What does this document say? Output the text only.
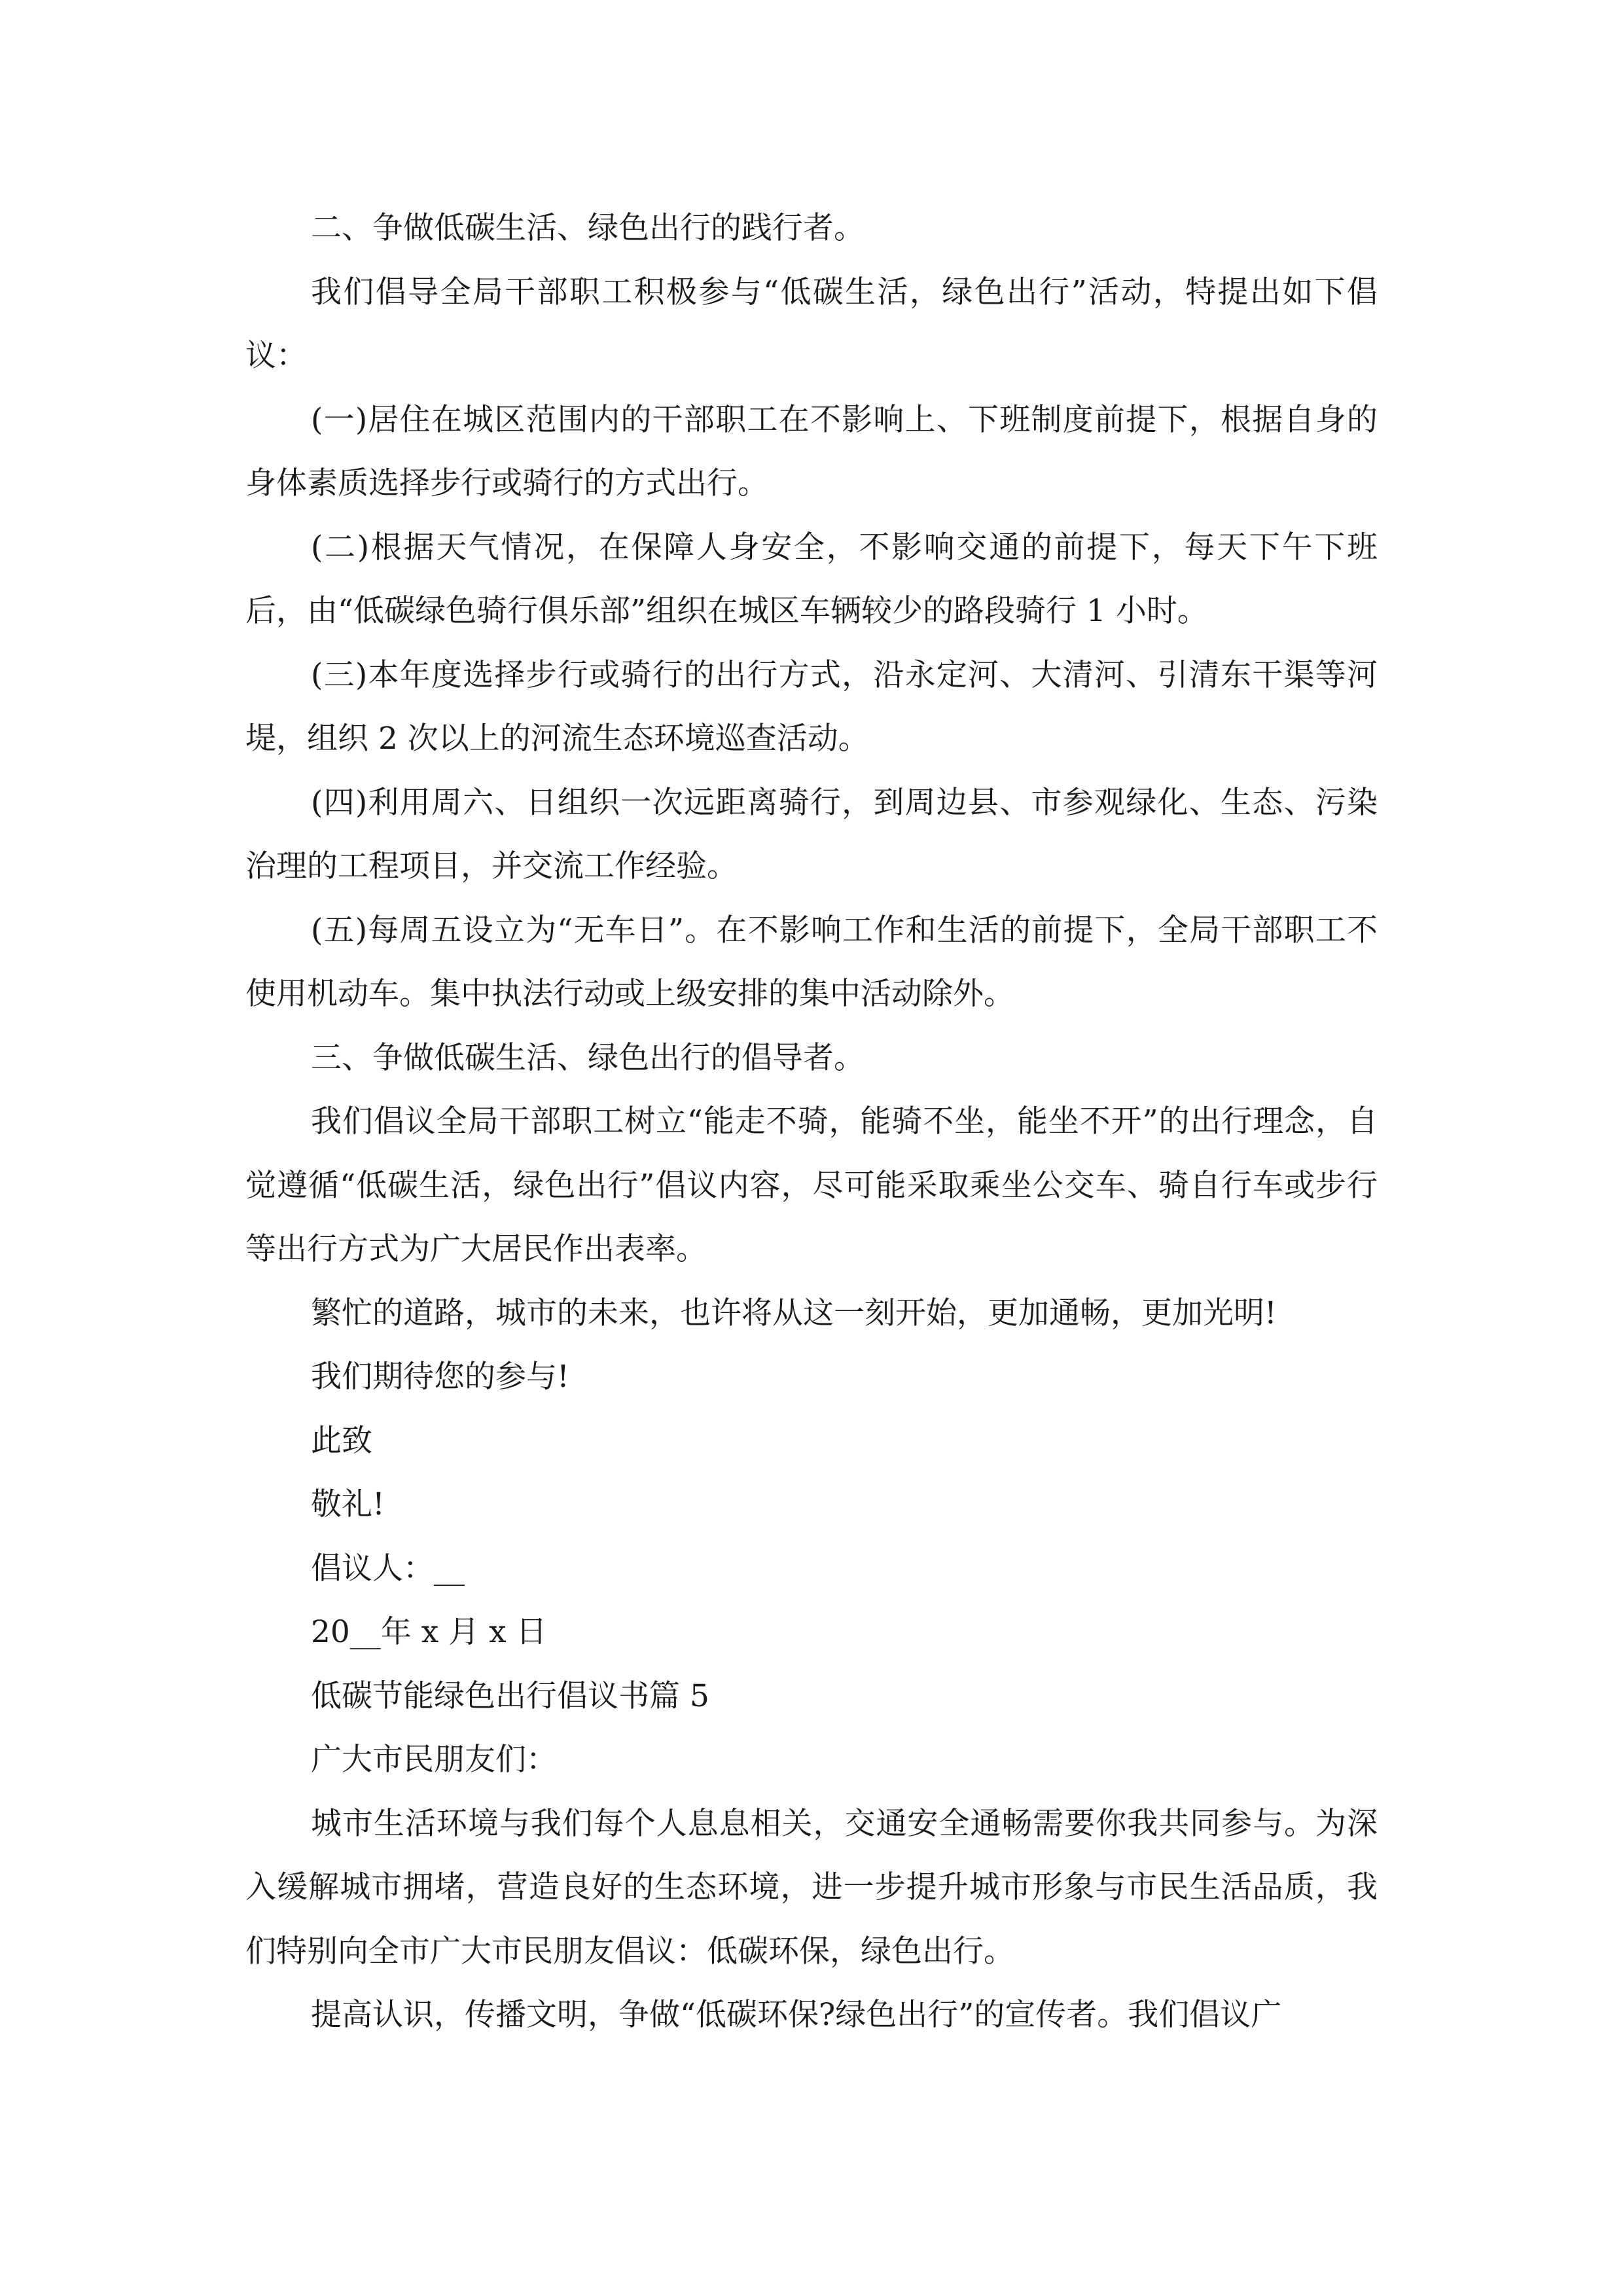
二、争做低碳生活、绿色出行的践行者。

我们倡导全局干部职工积极参与“低碳生活，绿色出行”活动，特提出如下倡议：

(一)居住在城区范围内的干部职工在不影响上、下班制度前提下，根据自身的身体素质选择步行或骑行的方式出行。

(二)根据天气情况，在保障人身安全，不影响交通的前提下，每天下午下班后，由“低碳绿色骑行俱乐部”组织在城区车辆较少的路段骑行 1 小时。

(三)本年度选择步行或骑行的出行方式，沿永定河、大清河、引清东干渠等河堤，组织 2 次以上的河流生态环境巡查活动。

(四)利用周六、日组织一次远距离骑行，到周边县、市参观绿化、生态、污染治理的工程项目，并交流工作经验。

(五)每周五设立为“无车日”。在不影响工作和生活的前提下，全局干部职工不使用机动车。集中执法行动或上级安排的集中活动除外。

三、争做低碳生活、绿色出行的倡导者。

我们倡议全局干部职工树立“能走不骑，能骑不坐，能坐不开”的出行理念，自觉遵循“低碳生活，绿色出行”倡议内容，尽可能采取乘坐公交车、骑自行车或步行等出行方式为广大居民作出表率。

繁忙的道路，城市的未来，也许将从这一刻开始，更加通畅，更加光明!

我们期待您的参与!

此致

敬礼!

倡议人：__

20__年 x 月 x 日

低碳节能绿色出行倡议书篇 5

广大市民朋友们：

城市生活环境与我们每个人息息相关，交通安全通畅需要你我共同参与。为深入缓解城市拥堵，营造良好的生态环境，进一步提升城市形象与市民生活品质，我们特别向全市广大市民朋友倡议：低碳环保，绿色出行。

提高认识，传播文明，争做“低碳环保?绿色出行”的宣传者。我们倡议广
